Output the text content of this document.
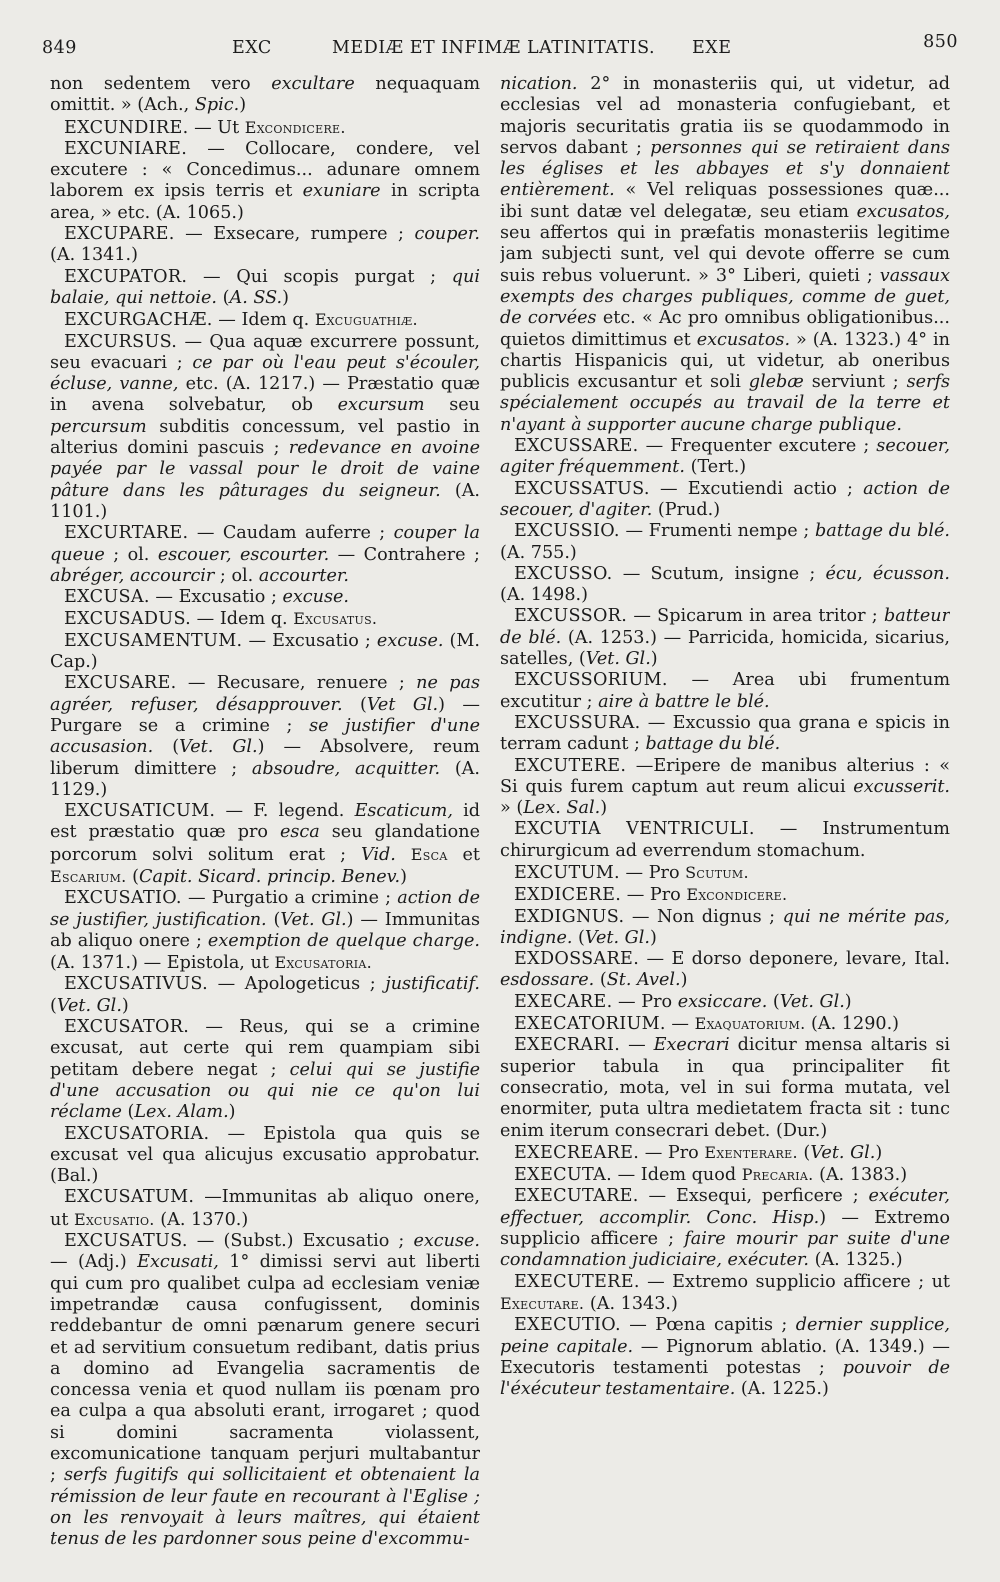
849	EXC	MEDIÆ ET INFIMÆ LATINITATIS. EXE	850

non sedentem vero excultare nequaquam omittit. » (Ach., Spic.)

EXCUNDIRE. — Ut Excondicere.

EXCUNIARE. — Collocare, condere, vel excutere : « Concedimus... adunare omnem laborem ex ipsis terris et exuniare in scripta area, » etc. (A. 1065.)

EXCUPARE. — Exsecare, rumpere ; couper. (A. 1341.)

EXCUPATOR. — Qui scopis purgat ; qui balaie, qui nettoie. (A. SS.)

EXCURGACHÆ. — Idem q. Excuguathiæ.

EXCURSUS. — Qua aquæ excurrere possunt, seu evacuari ; ce par où l'eau peut s'écouler, écluse, vanne, etc. (A. 1217.) — Præstatio quæ in avena solvebatur, ob excursum seu percursum subditis concessum, vel pastio in alterius domini pascuis ; redevance en avoine payée par le vassal pour le droit de vaine pâture dans les pâturages du seigneur. (A. 1101.)

EXCURTARE. — Caudam auferre ; couper la queue ; ol. escouer, escourter. — Contrahere ; abréger, accourcir ; ol. accourter.

EXCUSA. — Excusatio ; excuse.

EXCUSADUS. — Idem q. Excusatus.

EXCUSAMENTUM. — Excusatio ; excuse. (M. Cap.)

EXCUSARE. — Recusare, renuere ; ne pas agréer, refuser, désapprouver. (Vet Gl.) — Purgare se a crimine ; se justifier d'une accusasion. (Vet. Gl.) — Absolvere, reum liberum dimittere ; absoudre, acquitter. (A. 1129.)

EXCUSATICUM. — F. legend. Escaticum, id est præstatio quæ pro esca seu glandatione porcorum solvi solitum erat ; Vid. Esca et Escarium. (Capit. Sicard. princip. Benev.)

EXCUSATIO. — Purgatio a crimine ; action de se justifier, justification. (Vet. Gl.) — Immunitas ab aliquo onere ; exemption de quelque charge. (A. 1371.) — Epistola, ut Excusatoria.

EXCUSATIVUS. — Apologeticus ; justificatif. (Vet. Gl.)

EXCUSATOR. — Reus, qui se a crimine excusat, aut certe qui rem quampiam sibi petitam debere negat ; celui qui se justifie d'une accusation ou qui nie ce qu'on lui réclame (Lex. Alam.)

EXCUSATORIA. — Epistola qua quis se excusat vel qua alicujus excusatio approbatur. (Bal.)

EXCUSATUM. —Immunitas ab aliquo onere, ut Excusatio. (A. 1370.)

EXCUSATUS. — (Subst.) Excusatio ; excuse. — (Adj.) Excusati, 1° dimissi servi aut liberti qui cum pro qualibet culpa ad ecclesiam veniæ impetrandæ causa confugissent, dominis reddebantur de omni pænarum genere securi et ad servitium consuetum redibant, datis prius a domino ad Evangelia sacramentis de concessa venia et quod nullam iis pœnam pro ea culpa a qua absoluti erant, irrogaret ; quod si domini sacramenta violassent, excomunicatione tanquam perjuri multabantur ; serfs fugitifs qui sollicitaient et obtenaient la rémission de leur faute en recourant à l'Eglise ; on les renvoyait à leurs maîtres, qui étaient tenus de les pardonner sous peine d'excommu-

nication. 2° in monasteriis qui, ut videtur, ad ecclesias vel ad monasteria confugiebant, et majoris securitatis gratia iis se quodammodo in servos dabant ; personnes qui se retiraient dans les églises et les abbayes et s'y donnaient entièrement. « Vel reliquas possessiones quæ... ibi sunt datæ vel delegatæ, seu etiam excusatos, seu affertos qui in præfatis monasteriis legitime jam subjecti sunt, vel qui devote offerre se cum suis rebus voluerunt. » 3° Liberi, quieti ; vassaux exempts des charges publiques, comme de guet, de corvées etc. « Ac pro omnibus obligationibus... quietos dimittimus et excusatos. » (A. 1323.) 4° in chartis Hispanicis qui, ut videtur, ab oneribus publicis excusantur et soli glebæ serviunt ; serfs spécialement occupés au travail de la terre et n'ayant à supporter aucune charge publique.

EXCUSSARE. — Frequenter excutere ; secouer, agiter fréquemment. (Tert.)

EXCUSSATUS. — Excutiendi actio ; action de secouer, d'agiter. (Prud.)

EXCUSSIO. — Frumenti nempe ; battage du blé. (A. 755.)

EXCUSSO. — Scutum, insigne ; écu, écusson. (A. 1498.)

EXCUSSOR. — Spicarum in area tritor ; batteur de blé. (A. 1253.) — Parricida, homicida, sicarius, satelles, (Vet. Gl.)

EXCUSSORIUM. — Area ubi frumentum excutitur ; aire à battre le blé.

EXCUSSURA. — Excussio qua grana e spicis in terram cadunt ; battage du blé.

EXCUTERE. —Eripere de manibus alterius : « Si quis furem captum aut reum alicui excusserit. » (Lex. Sal.)

EXCUTIA VENTRICULI. — Instrumentum chirurgicum ad everrendum stomachum.

EXCUTUM. — Pro Scutum.

EXDICERE. — Pro Excondicere.

EXDIGNUS. — Non dignus ; qui ne mérite pas, indigne. (Vet. Gl.)

EXDOSSARE. — E dorso deponere, levare, Ital. esdossare. (St. Avel.)

EXECARE. — Pro exsiccare. (Vet. Gl.)

EXECATORIUM. — Exaquatorium. (A. 1290.)

EXECRARI. — Execrari dicitur mensa altaris si superior tabula in qua principaliter fit consecratio, mota, vel in sui forma mutata, vel enormiter, puta ultra medietatem fracta sit : tunc enim iterum consecrari debet. (Dur.)

EXECREARE. — Pro Exenterare. (Vet. Gl.)

EXECUTA. — Idem quod Precaria. (A. 1383.)

EXECUTARE. — Exsequi, perficere ; exécuter, effectuer, accomplir. Conc. Hisp.) — Extremo supplicio afficere ; faire mourir par suite d'une condamnation judiciaire, exécuter. (A. 1325.)

EXECUTERE. — Extremo supplicio afficere ; ut Executare. (A. 1343.)

EXECUTIO. — Pœna capitis ; dernier supplice, peine capitale. — Pignorum ablatio. (A. 1349.) — Executoris testamenti potestas ; pouvoir de l'éxécuteur testamentaire. (A. 1225.)
